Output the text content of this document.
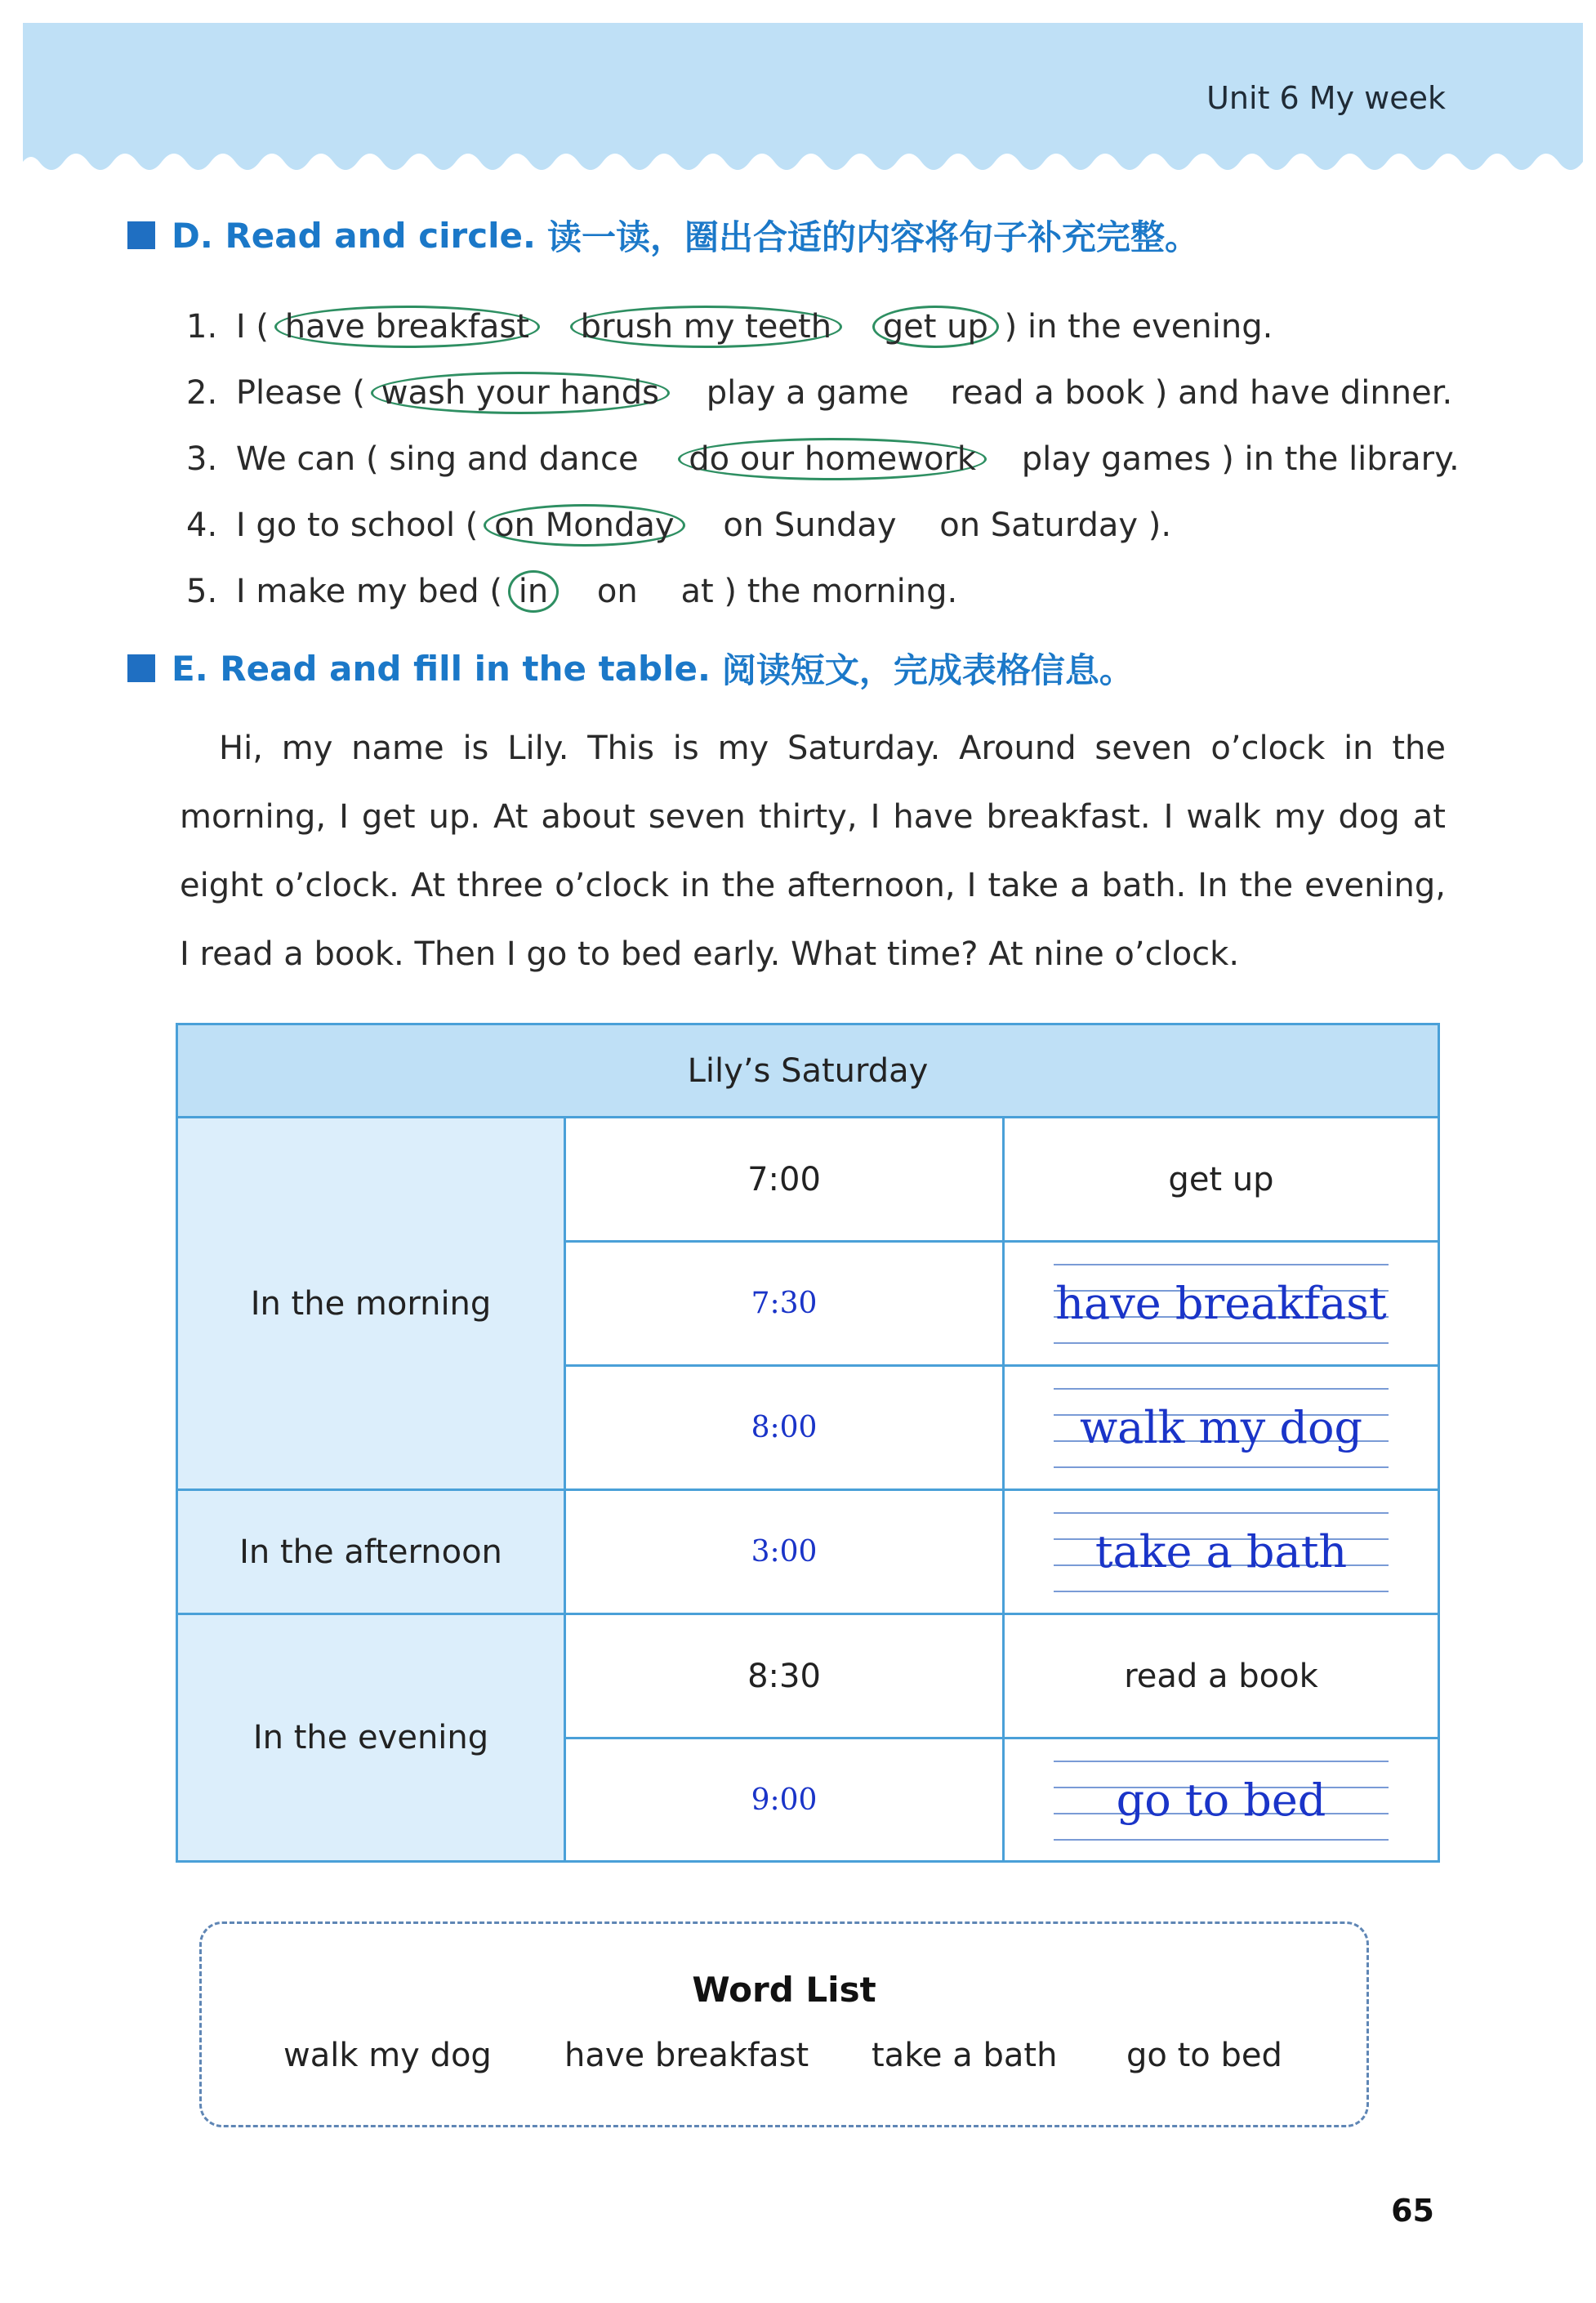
Unit 6 My week
D. Read and circle. 读一读，圈出合适的内容将句子补充完整。
1. I ( have breakfast brush my teeth get up ) in the evening.
2. Please ( wash your hands play a game read a book ) and have dinner.
3. We can ( sing and dance do our homework play games ) in the library.
4. I go to school ( on Monday on Sunday on Saturday ).
5. I make my bed ( in on at ) the morning.
E. Read and fill in the table. 阅读短文，完成表格信息。

Hi, my name is Lily. This is my Saturday. Around seven o’clock in the morning, I get up. At about seven thirty, I have breakfast. I walk my dog at eight o’clock. At three o’clock in the afternoon, I take a bath. In the evening, I read a book. Then I go to bed early. What time? At nine o’clock.

Lily’s Saturday
In the morning
In the afternoon
In the evening
7:00
7:30
8:00
3:00
8:30
9:00
get up
have breakfast
walk my dog
take a bath
read a book
go to bed
Word List
walk my dog have breakfast take a bath go to bed
65
